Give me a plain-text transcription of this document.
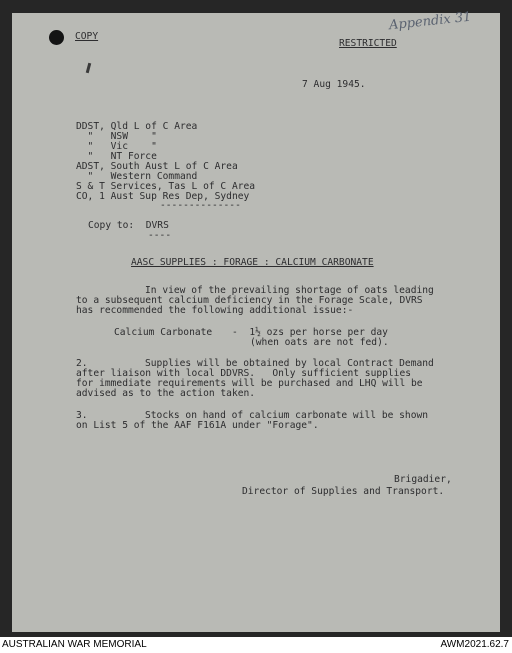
COPY

RESTRICTED

Appendix 31

7 Aug 1945.

DDST, Qld L of C Area

"   NSW    "

"   Vic    "

"   NT Force

ADST, South Aust L of C Area

"   Western Command

S & T Services, Tas L of C Area

CO, 1 Aust Sup Res Dep, Sydney

--------------

Copy to:  DVRS

----

AASC SUPPLIES : FORAGE : CALCIUM CARBONATE

In view of the prevailing shortage of oats leading

to a subsequent calcium deficiency in the Forage Scale, DVRS

has recommended the following additional issue:-

Calcium Carbonate

-  1½ ozs per horse per day

(when oats are not fed).

2.

	Supplies will be obtained by local Contract Demand

after liaison with local DDVRS.   Only sufficient supplies

for immediate requirements will be purchased and LHQ will be

advised as to the action taken.

3.

	Stocks on hand of calcium carbonate will be shown

on List 5 of the AAF F161A under "Forage".

Brigadier,

Director of Supplies and Transport.

AUSTRALIAN WAR MEMORIAL	AWM2021.62.7
